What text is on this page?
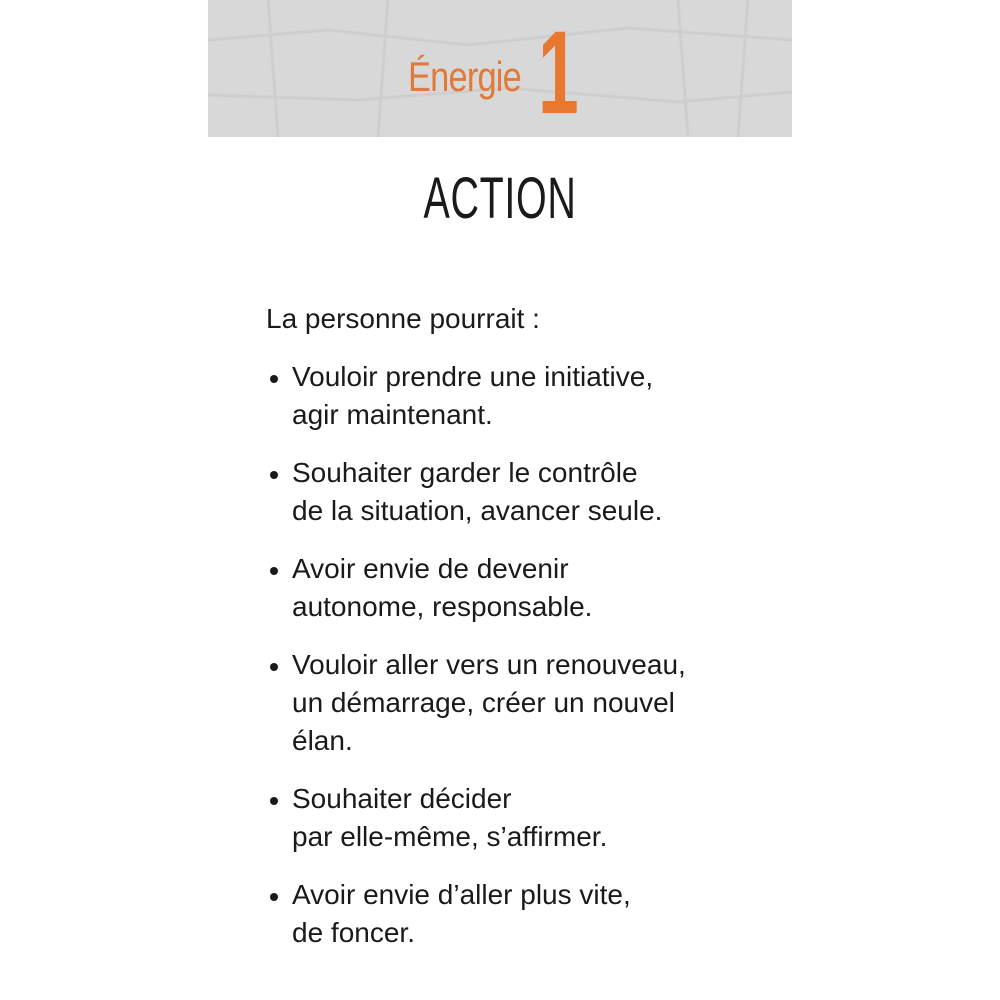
Énergie 1
ACTION
La personne pourrait :
Vouloir prendre une initiative,
agir maintenant.
Souhaiter garder le contrôle
de la situation, avancer seule.
Avoir envie de devenir
autonome, responsable.
Vouloir aller vers un renouveau,
un démarrage, créer un nouvel
élan.
Souhaiter décider
par elle-même, s’affirmer.
Avoir envie d’aller plus vite,
de foncer.
